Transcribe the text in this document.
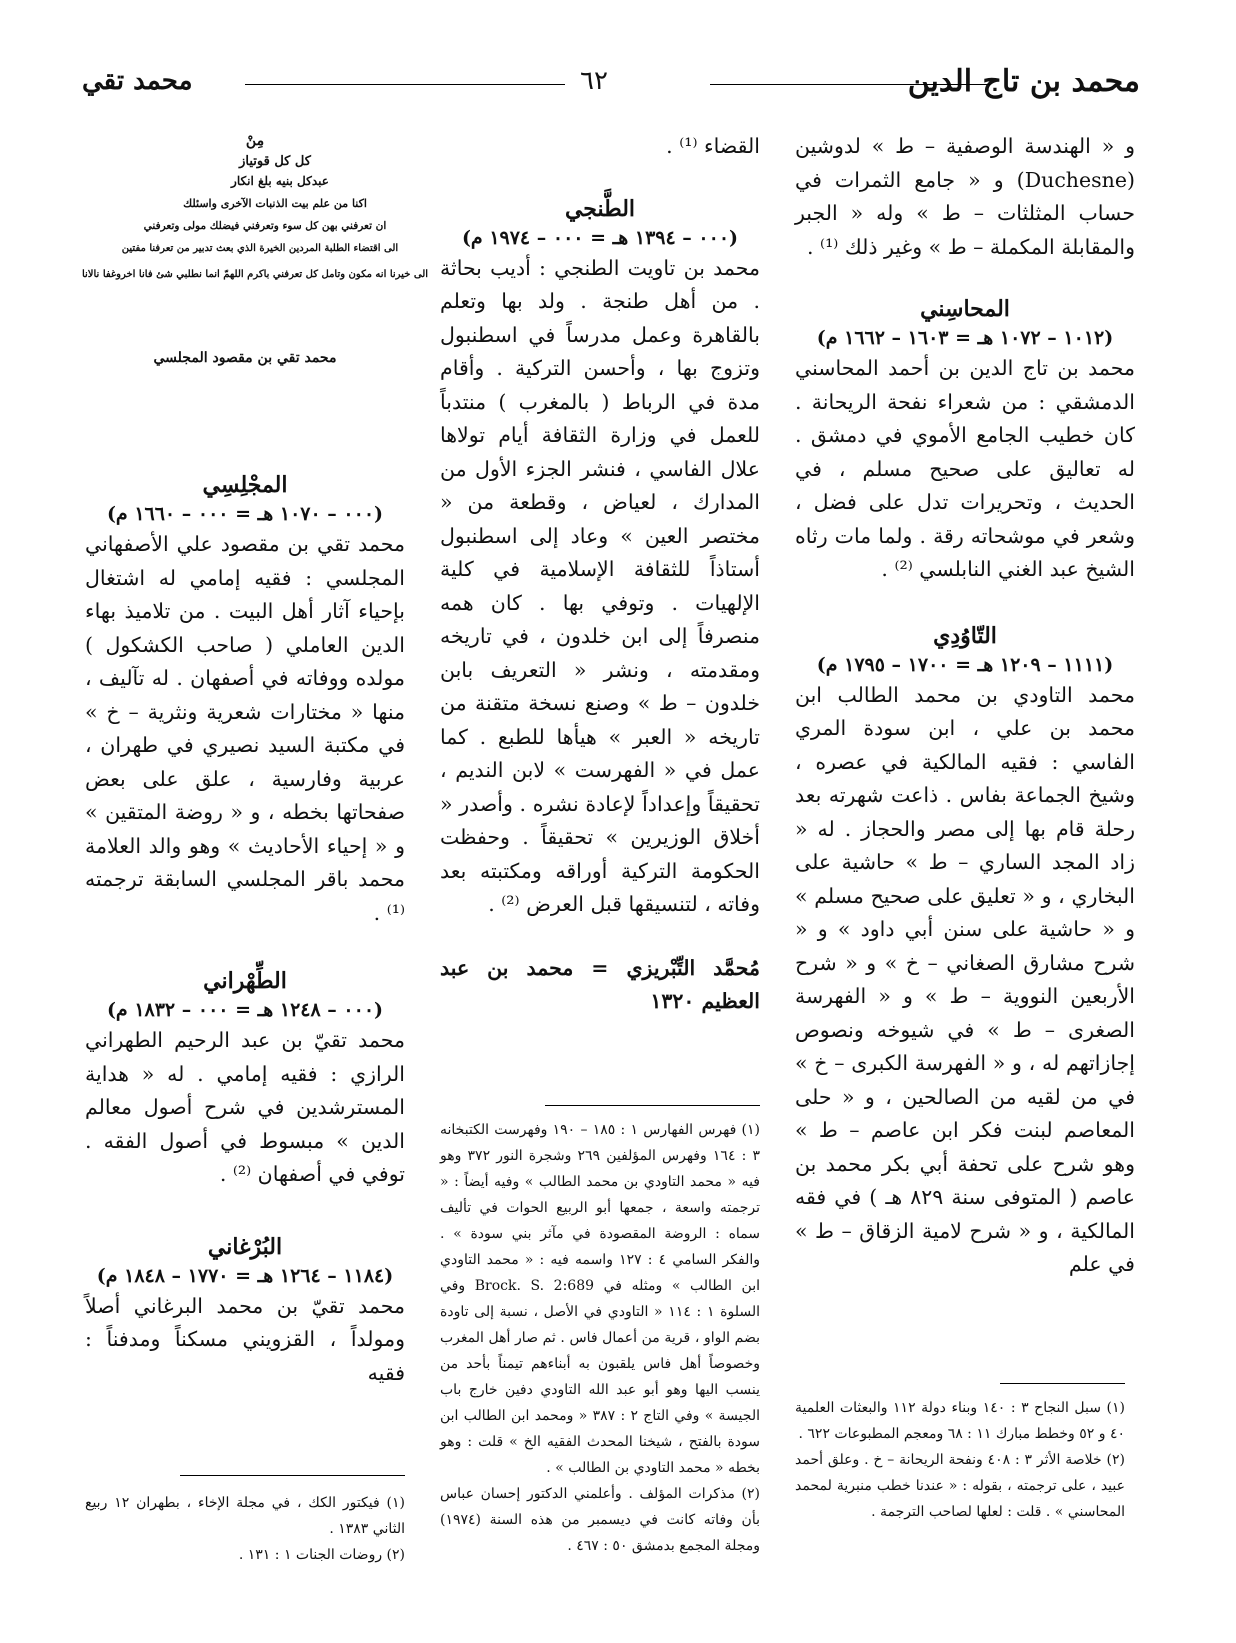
محمد بن تاج الدين
٦٢
محمد تقي

و « الهندسة الوصفية – ط » لدوشين (Duchesne) و « جامع الثمرات في حساب المثلثات – ط » وله « الجبر والمقابلة المكملة – ط » وغير ذلك ⁽¹⁾ .

المحاسِني

(١٠١٢ – ١٠٧٢ هـ = ١٦٠٣ – ١٦٦٢ م)

محمد بن تاج الدين بن أحمد المحاسني الدمشقي : من شعراء نفحة الريحانة . كان خطيب الجامع الأموي في دمشق . له تعاليق على صحيح مسلم ، في الحديث ، وتحريرات تدل على فضل ، وشعر في موشحاته رقة . ولما مات رثاه الشيخ عبد الغني النابلسي ⁽²⁾ .

التّاوُدِي

(١١١١ – ١٢٠٩ هـ = ١٧٠٠ – ١٧٩٥ م)

محمد التاودي بن محمد الطالب ابن محمد بن علي ، ابن سودة المري الفاسي : فقيه المالكية في عصره ، وشيخ الجماعة بفاس . ذاعت شهرته بعد رحلة قام بها إلى مصر والحجاز . له « زاد المجد الساري – ط » حاشية على البخاري ، و « تعليق على صحيح مسلم » و « حاشية على سنن أبي داود » و « شرح مشارق الصغاني – خ » و « شرح الأربعين النووية – ط » و « الفهرسة الصغرى – ط » في شيوخه ونصوص إجازاتهم له ، و « الفهرسة الكبرى – خ » في من لقيه من الصالحين ، و « حلى المعاصم لبنت فكر ابن عاصم – ط » وهو شرح على تحفة أبي بكر محمد بن عاصم ( المتوفى سنة ٨٢٩ هـ ) في فقه المالكية ، و « شرح لامية الزقاق – ط » في علم

(١) سبل النجاح ٣ : ١٤٠ وبناء دولة ١١٢ والبعثات العلمية ٤٠ و ٥٢ وخطط مبارك ١١ : ٦٨ ومعجم المطبوعات ٦٢٢ .

(٢) خلاصة الأثر ٣ : ٤٠٨ ونفحة الريحانة – خ . وعلق أحمد عبيد ، على ترجمته ، بقوله : « عندنا خطب منبرية لمحمد المحاسني » . قلت : لعلها لصاحب الترجمة .

القضاء ⁽¹⁾ .

الطَّنجي

(٠٠٠ – ١٣٩٤ هـ = ٠٠٠ – ١٩٧٤ م)

محمد بن تاويت الطنجي : أديب بحاثة . من أهل طنجة . ولد بها وتعلم بالقاهرة وعمل مدرساً في اسطنبول وتزوج بها ، وأحسن التركية . وأقام مدة في الرباط ( بالمغرب ) منتدباً للعمل في وزارة الثقافة أيام تولاها علال الفاسي ، فنشر الجزء الأول من المدارك ، لعياض ، وقطعة من « مختصر العين » وعاد إلى اسطنبول أستاذاً للثقافة الإسلامية في كلية الإلهيات . وتوفي بها . كان همه منصرفاً إلى ابن خلدون ، في تاريخه ومقدمته ، ونشر « التعريف بابن خلدون – ط » وصنع نسخة متقنة من تاريخه « العبر » هيأها للطبع . كما عمل في « الفهرست » لابن النديم ، تحقيقاً وإعداداً لإعادة نشره . وأصدر « أخلاق الوزيرين » تحقيقاً . وحفظت الحكومة التركية أوراقه ومكتبته بعد وفاته ، لتنسيقها قبل العرض ⁽²⁾ .

مُحمَّد التِّبْريزي = محمد بن عبد العظيم ١٣٢٠

(١) فهرس الفهارس ١ : ١٨٥ – ١٩٠ وفهرست الكتبخانه ٣ : ١٦٤ وفهرس المؤلفين ٢٦٩ وشجرة النور ٣٧٢ وهو فيه « محمد التاودي بن محمد الطالب » وفيه أيضاً : « ترجمته واسعة ، جمعها أبو الربيع الحوات في تأليف سماه : الروضة المقصودة في مآثر بني سودة » . والفكر السامي ٤ : ١٢٧ واسمه فيه : « محمد التاودي ابن الطالب » ومثله في Brock. S. 2:689 وفي السلوة ١ : ١١٤ « التاودي في الأصل ، نسبة إلى تاودة بضم الواو ، قرية من أعمال فاس . ثم صار أهل المغرب وخصوصاً أهل فاس يلقبون به أبناءهم تيمناً بأحد من ينسب اليها وهو أبو عبد الله التاودي دفين خارج باب الجيسة » وفي التاج ٢ : ٣٨٧ « ومحمد ابن الطالب ابن سودة بالفتح ، شيخنا المحدث الفقيه الخ » قلت : وهو بخطه « محمد التاودي بن الطالب » .

(٢) مذكرات المؤلف . وأعلمني الدكتور إحسان عباس بأن وفاته كانت في ديسمبر من هذه السنة (١٩٧٤) ومجلة المجمع بدمشق ٥٠ : ٤٦٧ .

مِنْ
كل كل قوتياز
عبدكل بنيه بلغ انكار
اكنا من علم بيت الذنبات الآخرى واسئلك
ان تعرفني بهن كل سوء وتعرفني فيضلك مولى وتعرفني
الى اقتضاء الطلبة المردين الخيرة الذي بعث تدبير من تعرفنا مفتين
الى خيرنا انه مكون وتامل كل تعرفني باكرم اللهمّ انما نطلبي شئ فانا اخروغفا نالانا
محمد تقي بن مقصود المجلسي

المجْلِسِي

(٠٠٠ – ١٠٧٠ هـ = ٠٠٠ – ١٦٦٠ م)

محمد تقي بن مقصود علي الأصفهاني المجلسي : فقيه إمامي له اشتغال بإحياء آثار أهل البيت . من تلاميذ بهاء الدين العاملي ( صاحب الكشكول ) مولده ووفاته في أصفهان . له تآليف ، منها « مختارات شعرية ونثرية – خ » في مكتبة السيد نصيري في طهران ، عربية وفارسية ، علق على بعض صفحاتها بخطه ، و « روضة المتقين » و « إحياء الأحاديث » وهو والد العلامة محمد باقر المجلسي السابقة ترجمته ⁽¹⁾ .

الطِّهْراني

(٠٠٠ – ١٢٤٨ هـ = ٠٠٠ – ١٨٣٢ م)

محمد تقيّ بن عبد الرحيم الطهراني الرازي : فقيه إمامي . له « هداية المسترشدين في شرح أصول معالم الدين » مبسوط في أصول الفقه . توفي في أصفهان ⁽²⁾ .

البُرْغاني

(١١٨٤ – ١٢٦٤ هـ = ١٧٧٠ – ١٨٤٨ م)

محمد تقيّ بن محمد البرغاني أصلاً ومولداً ، القزويني مسكناً ومدفناً : فقيه

(١) فيكتور الكك ، في مجلة الإخاء ، بطهران ١٢ ربيع الثاني ١٣٨٣ .

(٢) روضات الجنات ١ : ١٣١ .
